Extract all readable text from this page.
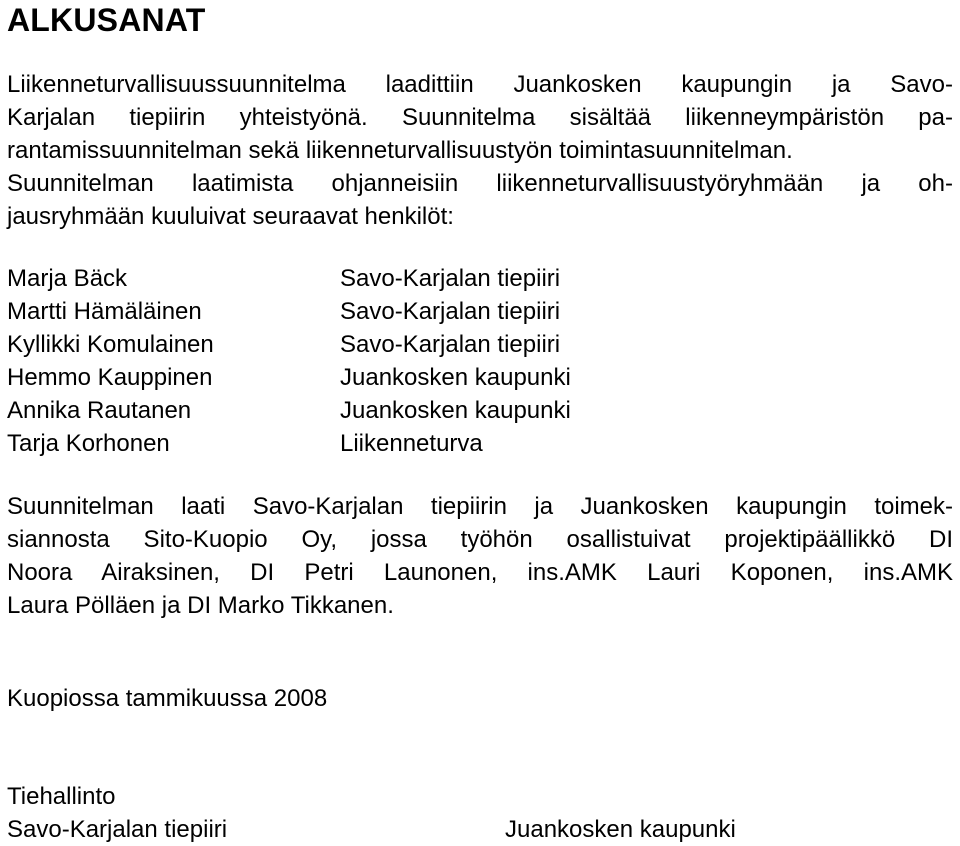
ALKUSANAT
Liikenneturvallisuussuunnitelma laadittiin Juankosken kaupungin ja Savo-
Karjalan tiepiirin yhteistyönä. Suunnitelma sisältää liikenneympäristön pa-
rantamissuunnitelman sekä liikenneturvallisuustyön toimintasuunnitelman.
Suunnitelman laatimista ohjanneisiin liikenneturvallisuustyöryhmään ja oh-
jausryhmään kuuluivat seuraavat henkilöt:
Marja Bäck	Savo-Karjalan tiepiiri
Martti Hämäläinen	Savo-Karjalan tiepiiri
Kyllikki Komulainen	Savo-Karjalan tiepiiri
Hemmo Kauppinen	Juankosken kaupunki
Annika Rautanen	Juankosken kaupunki
Tarja Korhonen	Liikenneturva
Suunnitelman laati Savo-Karjalan tiepiirin ja Juankosken kaupungin toimek-
siannosta Sito-Kuopio Oy, jossa työhön osallistuivat projektipäällikkö DI
Noora Airaksinen, DI Petri Launonen, ins.AMK Lauri Koponen, ins.AMK
Laura Pölläen ja DI Marko Tikkanen.
Kuopiossa tammikuussa 2008
Tiehallinto
Savo-Karjalan tiepiiri	Juankosken kaupunki
